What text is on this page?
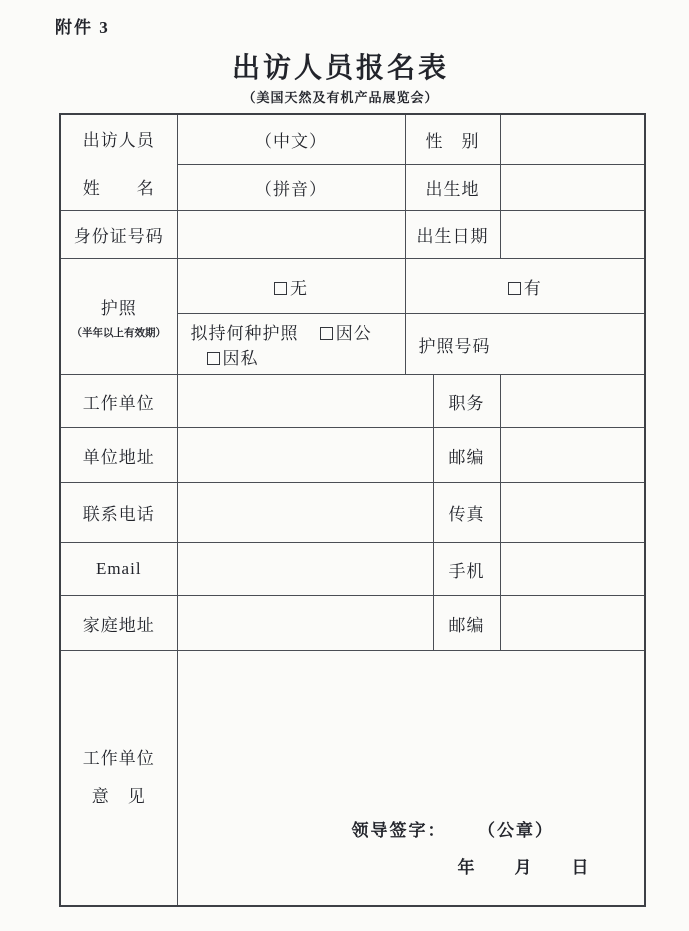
附件 3
出访人员报名表
（美国天然及有机产品展览会）
出访人员
姓　　名	（中文）	性　别		
	（拼音）	出生地		
身份证号码		出生日期		

护照
（半年以上有效期）	无	有		
	拟持何种护照 因公 因私	护照号码		
工作单位			职务	
单位地址			邮编	
联系电话			传真	
Email			手机	
家庭地址			邮编	

工作单位
意　见

领导签字： （公章）
年　　月　　日
